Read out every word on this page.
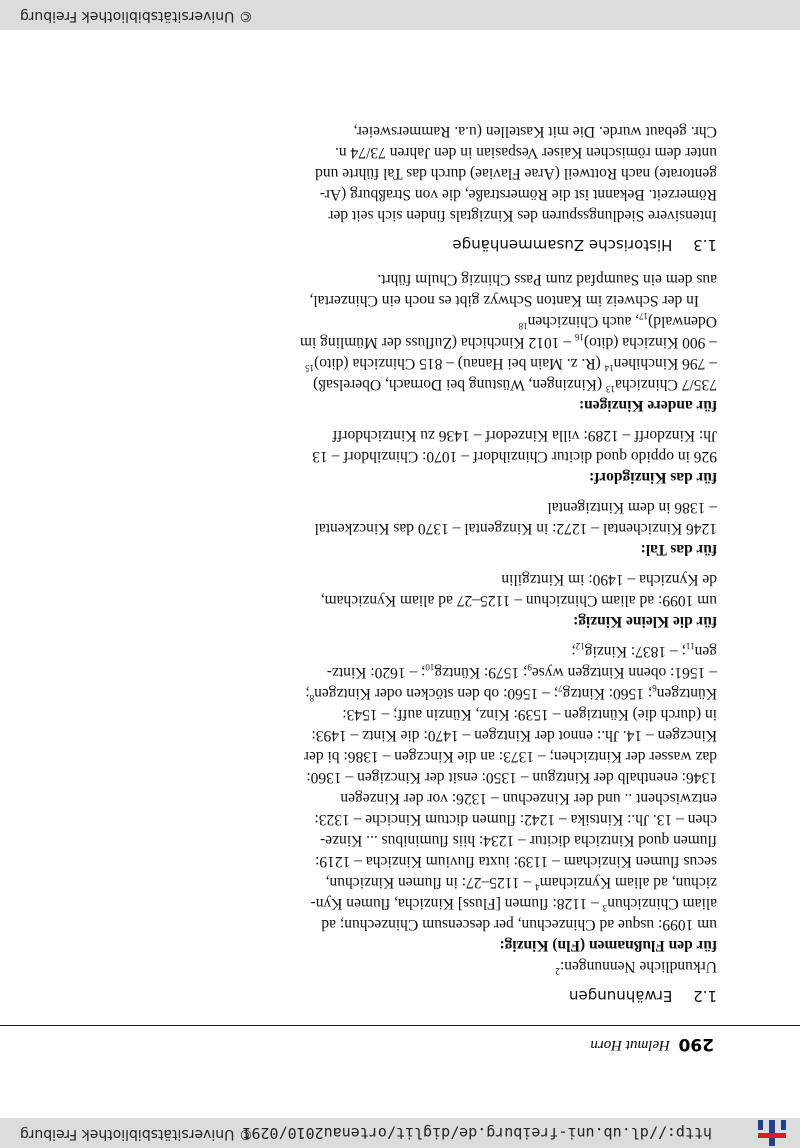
http://dl.ub.uni-freiburg.de/diglit/ortenau2010/0291
© Universitätsbibliothek Freiburg
290
Helmut Horn
1.2 Erwähnungen

Urkundliche Nennungen:$^2$

für den Flußnamen (Fln) Kinzig:

um 1099: usque ad Chinzechun, per descensum Chinzechun; ad
aliam Chinzichun$^3$ – 1128: flumen [Fluss] Kinzicha, flumen Kyn-
zichun, ad aliam Kynzicham$^4$ – 1125–27: in flumen Kinzichun,
secus flumen Kinzicham – 1139: iuxta fluvium Kinzicha – 1219:
flumen quod Kintzicha dicitur – 1234: hiis fluminibus ... Kinze-
chen – 13. Jh.: Kintsika – 1242: flumen dictum Kinciche – 1323:
entzwischent .. und der Kinzechun – 1326: vor der Kinzegen
1346: enenthalb der Kintzgun – 1350: ensit der Kinczigen – 1360:
daz wasser der Kintzichen; – 1373: an die Kinczgen – 1386: bi der
Kinczgen – 14. Jh.: ennot der Kintzgen – 1470: die Kintz – 1493:
in (durch die) Küntzigen – 1539: Kinz, Künzin auff; – 1543:
Küntzgen$_6$; 1560: Kintzg$_7$; – 1560: ob den stöcken oder Kintzgen$^8$;
– 1561: obenn Kintzgen wyse$_9$; 1579: Küntzg$_{10}$; – 1620: Kintz-
gen$_{11}$; – 1837: Kinzig$_{12}$;

für die Kleine Kinzig:

um 1099: ad aliam Chinzichun – 1125–27 ad aliam Kynzicham,
de Kynzicha – 1490: im Kintzgilin

für das Tal:

1246 Kinzichental – 1272: in Kinzgental – 1370 das Kinczkental
– 1386 in dem Kintzigental

für das Kinzigdorf:

926 in oppido quod dicitur Chinzihdorf – 1070: Chinzihdorf – 13
Jh: Kinzdorff – 1289: villa Kinzedorf – 1436 zu Kintzichdorff

für andere Kinzigen:

735/7 Chinzicha$^{13}$ (Kinzingen, Wüstung bei Dornach, Oberelsaß)
– 796 Kinchihen$^{14}$ (R. z. Main bei Hanau) – 815 Chinzicha (dito)$^{15}$
– 900 Kinzicha $(dito)_{16} - 1012$ Kinchicha (Zufluss der Mümling im
$Odenwald)_{17}$, auch Chinzichen$^{18}$

In der Schweiz im Kanton Schwyz gibt es noch ein Chinzertal,
aus dem ein Saumpfad zum Pass Chinzig Chulm führt.

1.3 Historische Zusammenhänge

Intensivere Siedlungsspuren des Kinzigtals finden sich seit der
Römerzeit. Bekannt ist die Römerstraße, die von Straßburg (Ar-
gentorate) nach Rottweil (Arae Flaviae) durch das Tal führte und
unter dem römischen Kaiser Vespasian in den Jahren 73/74 n.
Chr. gebaut wurde. Die mit Kastellen (u.a. Rammersweier,

© Universitätsbibliothek Freiburg
